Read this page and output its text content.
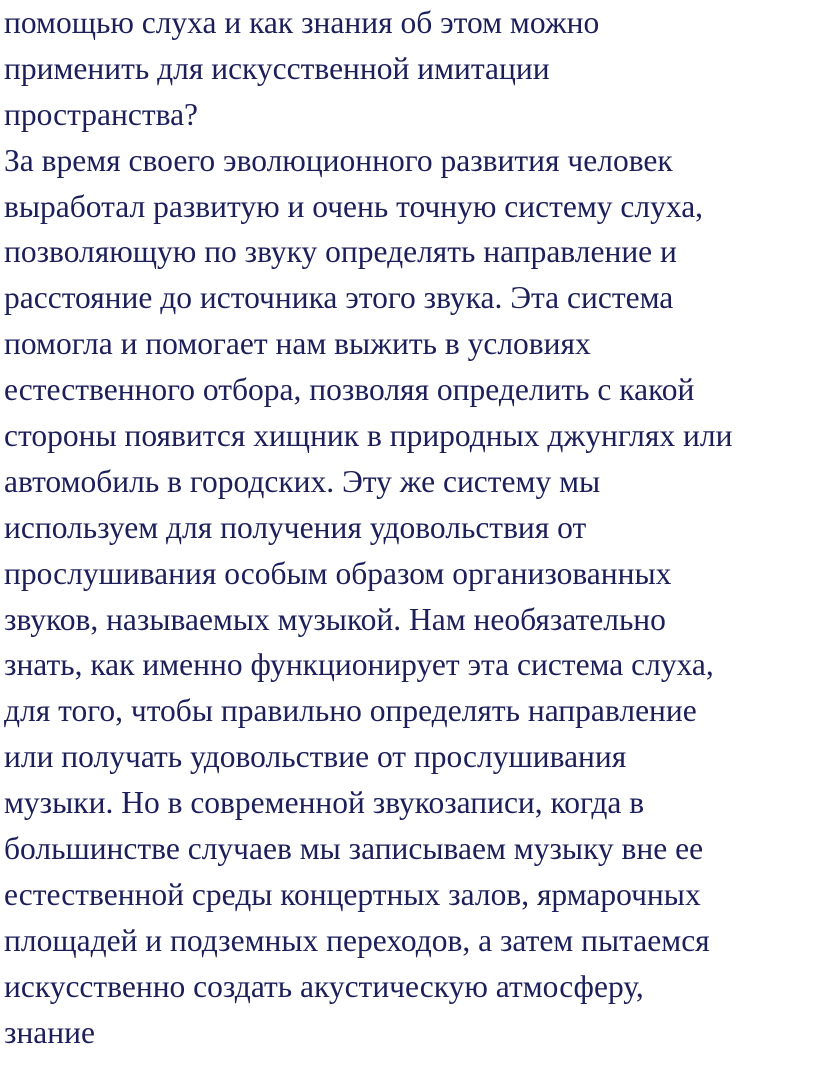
помощью слуха и как знания об этом можно
применить для искусственной имитации
пространства?
За время своего эволюционного развития человек
выработал развитую и очень точную систему слуха,
позволяющую по звуку определять направление и
расстояние до источника этого звука. Эта система
помогла и помогает нам выжить в условиях
естественного отбора, позволяя определить с какой
стороны появится хищник в природных джунглях или
автомобиль в городских. Эту же систему мы
используем для получения удовольствия от
прослушивания особым образом организованных
звуков, называемых музыкой. Нам необязательно
знать, как именно функционирует эта система слуха,
для того, чтобы правильно определять направление
или получать удовольствие от прослушивания
музыки. Но в современной звукозаписи, когда в
большинстве случаев мы записываем музыку вне ее
естественной среды концертных залов, ярмарочных
площадей и подземных переходов, а затем пытаемся
искусственно создать акустическую атмосферу,
знание
